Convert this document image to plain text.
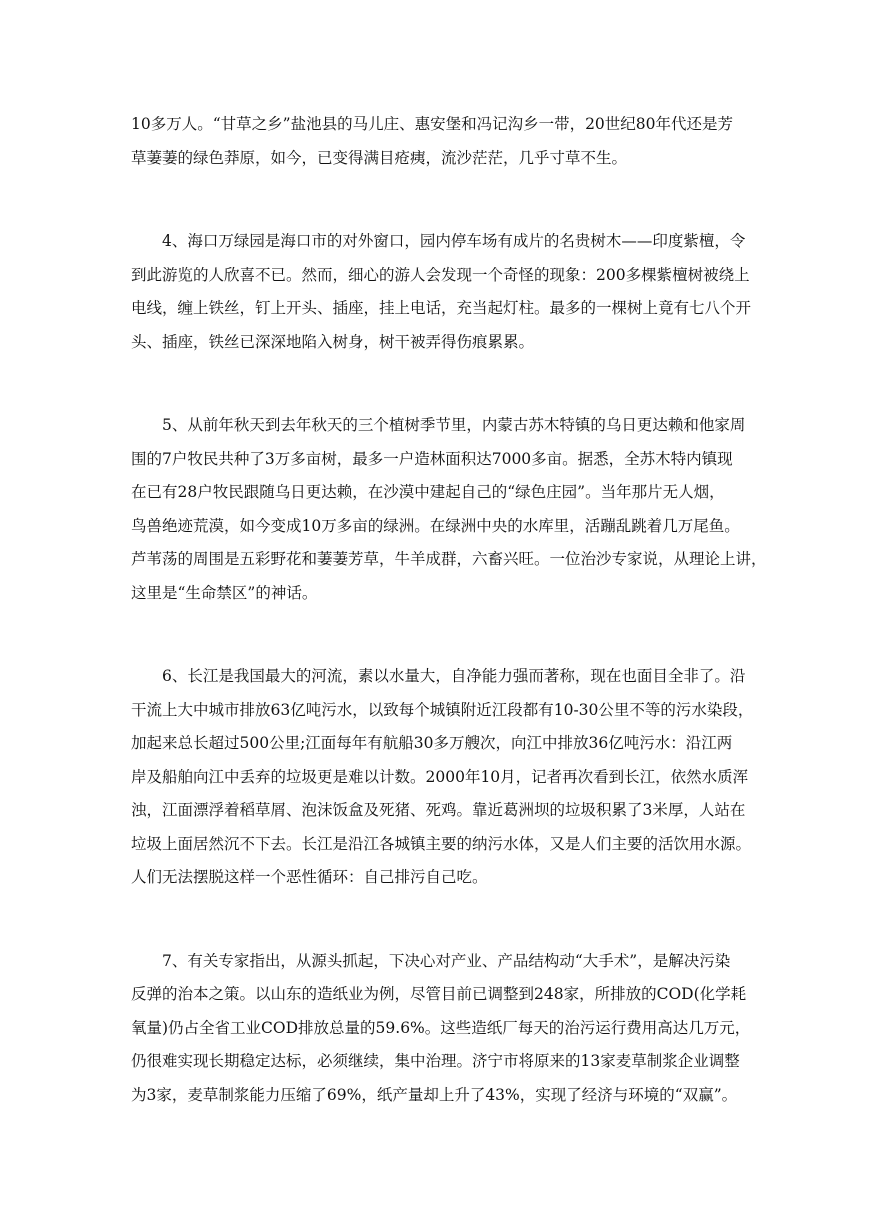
10多万人。“甘草之乡”盐池县的马儿庄、惠安堡和冯记沟乡一带，20世纪80年代还是芳
草萋萋的绿色莽原，如今，已变得满目疮痍，流沙茫茫，几乎寸草不生。
4、海口万绿园是海口市的对外窗口，园内停车场有成片的名贵树木——印度紫檀，令
到此游览的人欣喜不已。然而，细心的游人会发现一个奇怪的现象：200多棵紫檀树被绕上
电线，缠上铁丝，钉上开头、插座，挂上电话，充当起灯柱。最多的一棵树上竟有七八个开
头、插座，铁丝已深深地陷入树身，树干被弄得伤痕累累。
5、从前年秋天到去年秋天的三个植树季节里，内蒙古苏木特镇的乌日更达赖和他家周
围的7户牧民共种了3万多亩树，最多一户造林面积达7000多亩。据悉，全苏木特内镇现
在已有28户牧民跟随乌日更达赖，在沙漠中建起自己的“绿色庄园”。当年那片无人烟，
鸟兽绝迹荒漠，如今变成10万多亩的绿洲。在绿洲中央的水库里，活蹦乱跳着几万尾鱼。
芦苇荡的周围是五彩野花和萋萋芳草，牛羊成群，六畜兴旺。一位治沙专家说，从理论上讲，
这里是“生命禁区”的神话。
6、长江是我国最大的河流，素以水量大，自净能力强而著称，现在也面目全非了。沿
干流上大中城市排放63亿吨污水，以致每个城镇附近江段都有10-30公里不等的污水染段，
加起来总长超过500公里;江面每年有航船30多万艘次，向江中排放36亿吨污水：沿江两
岸及船舶向江中丢弃的垃圾更是难以计数。2000年10月，记者再次看到长江，依然水质浑
浊，江面漂浮着稻草屑、泡沫饭盒及死猪、死鸡。靠近葛洲坝的垃圾积累了3米厚，人站在
垃圾上面居然沉不下去。长江是沿江各城镇主要的纳污水体，又是人们主要的活饮用水源。
人们无法摆脱这样一个恶性循环：自己排污自己吃。
7、有关专家指出，从源头抓起，下决心对产业、产品结构动“大手术”，是解决污染
反弹的治本之策。以山东的造纸业为例，尽管目前已调整到248家，所排放的COD(化学耗
氧量)仍占全省工业COD排放总量的59.6%。这些造纸厂每天的治污运行费用高达几万元，
仍很难实现长期稳定达标，必须继续，集中治理。济宁市将原来的13家麦草制浆企业调整
为3家，麦草制浆能力压缩了69%，纸产量却上升了43%，实现了经济与环境的“双赢”。
